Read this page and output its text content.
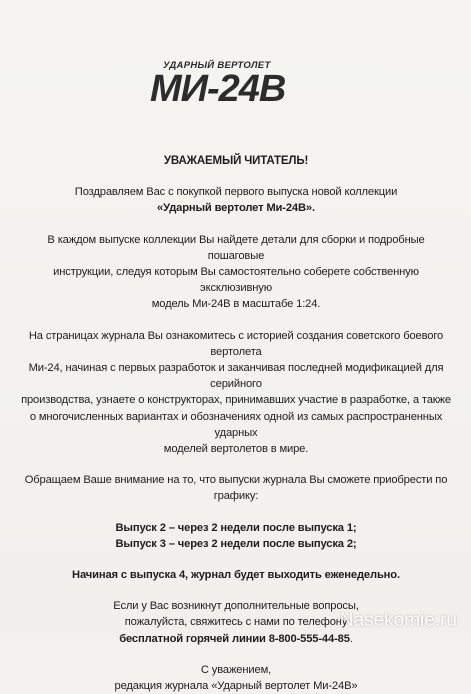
УДАРНЫЙ ВЕРТОЛЕТ
МИ-24В

УВАЖАЕМЫЙ ЧИТАТЕЛЬ!

Поздравляем Вас с покупкой первого выпуска новой коллекции

«Ударный вертолет Ми-24В».

В каждом выпуске коллекции Вы найдете детали для сборки и подробные пошаговые

инструкции, следуя которым Вы самостоятельно соберете собственную эксклюзивную

модель Ми-24В в масштабе 1:24.

На страницах журнала Вы ознакомитесь с историей создания советского боевого вертолета

Ми-24, начиная с первых разработок и заканчивая последней модификацией для серийного

производства, узнаете о конструкторах, принимавших участие в разработке, а также

о многочисленных вариантах и обозначениях одной из самых распространенных ударных

моделей вертолетов в мире.

Обращаем Ваше внимание на то, что выпуски журнала Вы сможете приобрести по графику:

Выпуск 2 – через 2 недели после выпуска 1;

Выпуск 3 – через 2 недели после выпуска 2;

Начиная с выпуска 4, журнал будет выходить еженедельно.

Если у Вас возникнут дополнительные вопросы,

пожалуйста, свяжитесь с нами по телефону

бесплатной горячей линии 8-800-555-44-85.

С уважением,

редакция журнала «Ударный вертолет Ми-24В»

Nasekomie.ru
